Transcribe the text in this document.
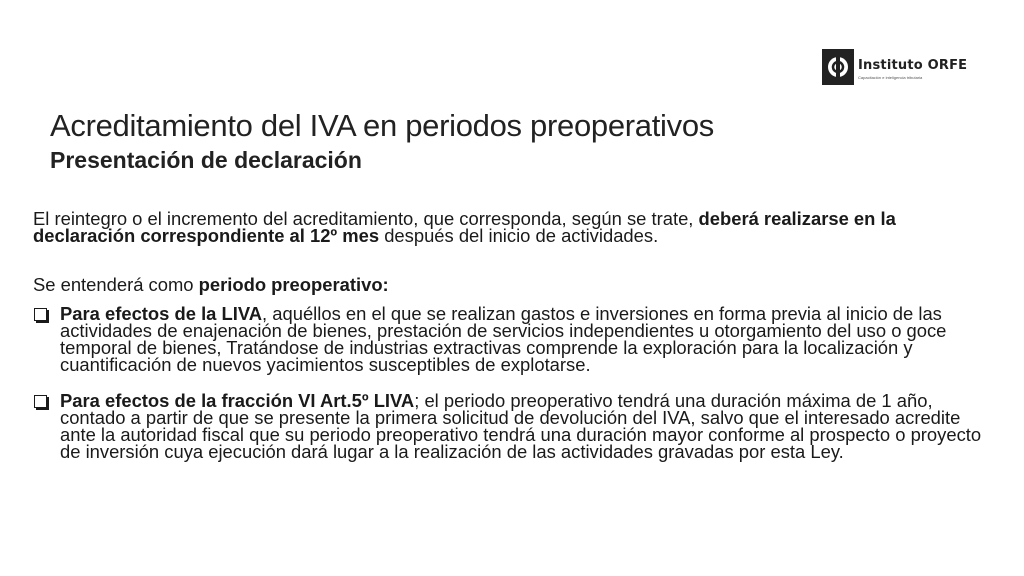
Instituto ORFE
Capacitación e inteligencia tributaria
Acreditamiento del IVA en periodos preoperativos
Presentación de declaración

El reintegro o el incremento del acreditamiento, que corresponda, según se trate, deberá realizarse en la declaración correspondiente al 12º mes después del inicio de actividades.

Se entenderá como periodo preoperativo:

Para efectos de la LIVA, aquéllos en el que se realizan gastos e inversiones en forma previa al inicio de las actividades de enajenación de bienes, prestación de servicios independientes u otorgamiento del uso o goce temporal de bienes, Tratándose de industrias extractivas comprende la exploración para la localización y cuantificación de nuevos yacimientos susceptibles de explotarse.
Para efectos de la fracción VI Art.5º LIVA; el periodo preoperativo tendrá una duración máxima de 1 año, contado a partir de que se presente la primera solicitud de devolución del IVA, salvo que el interesado acredite ante la autoridad fiscal que su periodo preoperativo tendrá una duración mayor conforme al prospecto o proyecto de inversión cuya ejecución dará lugar a la realización de las actividades gravadas por esta Ley.
